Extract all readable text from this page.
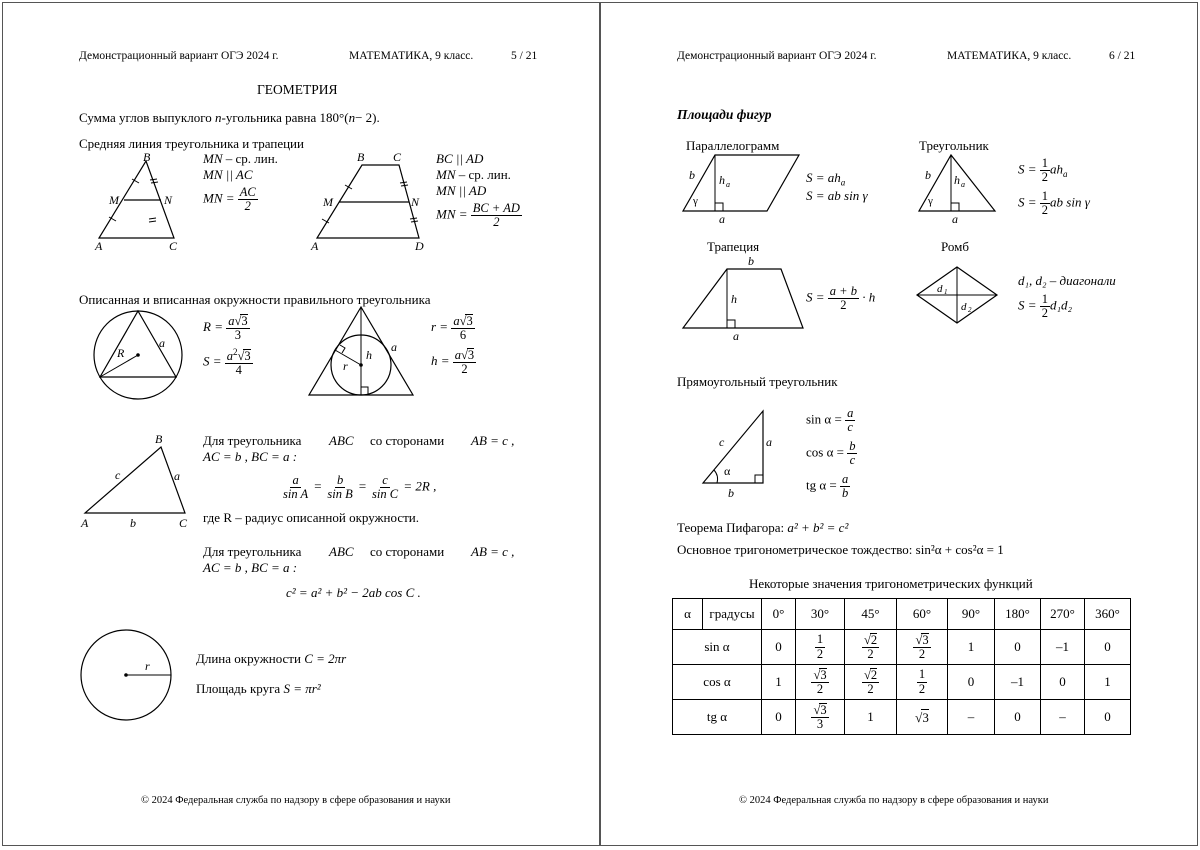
Демонстрационный вариант ОГЭ 2024 г.	МАТЕМАТИКА, 9 класс.	5 / 21
ГЕОМЕТРИЯ
Сумма углов выпуклого n-угольника равна 180°(n− 2).
Средняя линия треугольника и трапеции
B
M	N
A	C
MN – ср. лин.
MN || AC
MN = $\frac{AC}{2}$
B C
M	N
A	D
BC || AD
MN – ср. лин.
MN || AD
MN = $\frac{BC + AD}{2}$
Описанная и вписанная окружности правильного треугольника
R
a
$R = \frac{a√3}{3}$
$S = \frac{a^2√3}{4}$	h
r
a
$r = \frac{a√3}{6}$
$h = \frac{a√3}{2}$
B
c	a
A	b	C
Для треугольника ABC со сторонами AB = c ,
AC = b , BC = a :
$\frac{a}{\text{sin A}} = \frac{b}{\text{sin B}} = \frac{c}{\text{sin C}} = 2R$ ,
где R – радиус описанной окружности.
Для треугольника ABC со сторонами AB = c ,
AC = b , BC = a :
c² = a² + b² − 2ab cos C .
r	Длина окружности C = 2πr
Площадь круга S = πr²
© 2024 Федеральная служба по надзору в сфере образования и науки
Демонстрационный вариант ОГЭ 2024 г.	МАТЕМАТИКА, 9 класс.	6 / 21
Площади фигур
Параллелограмм
b h a
γ
a
$S = ah_a$
S = ab sin γ
Треугольник
b h a
γ
a
$S = \frac{1}{2} ah_a$
$S = \frac{1}{2}$ ab sin γ
Трапеция
b
h
a
$S = \frac{a + b}{2} \cdot h$
Ромб
d 1
d 2
d₁, d₂ – диагонали
$S = \frac{1}{2} d_1d_2$
Прямоугольный треугольник
c	a
α
b
$\sin \alpha = \frac{a}{c}$
$\cos \alpha = \frac{b}{c}$
tg $\alpha = \frac{a}{b}$
Теорема Пифагора: a² + b² = c²
Основное тригонометрическое тождество: sin²α + cos²α = 1
Некоторые значения тригонометрических функций
α	градусы	0°	30°	45°	60°	90°	180°	270°	360°
sin α		0	$\frac{1}{2}$	$\frac{√2}{2}$	$\frac{√3}{2}$	1	0	–1	0
cos α		1	$\frac{√3}{2}$	$\frac{√2}{2}$	$\frac{1}{2}$	0	–1	0	1
tg α		0	$\frac{√3}{3}$	1	√3	–	0	–	0
© 2024 Федеральная служба по надзору в сфере образования и науки
